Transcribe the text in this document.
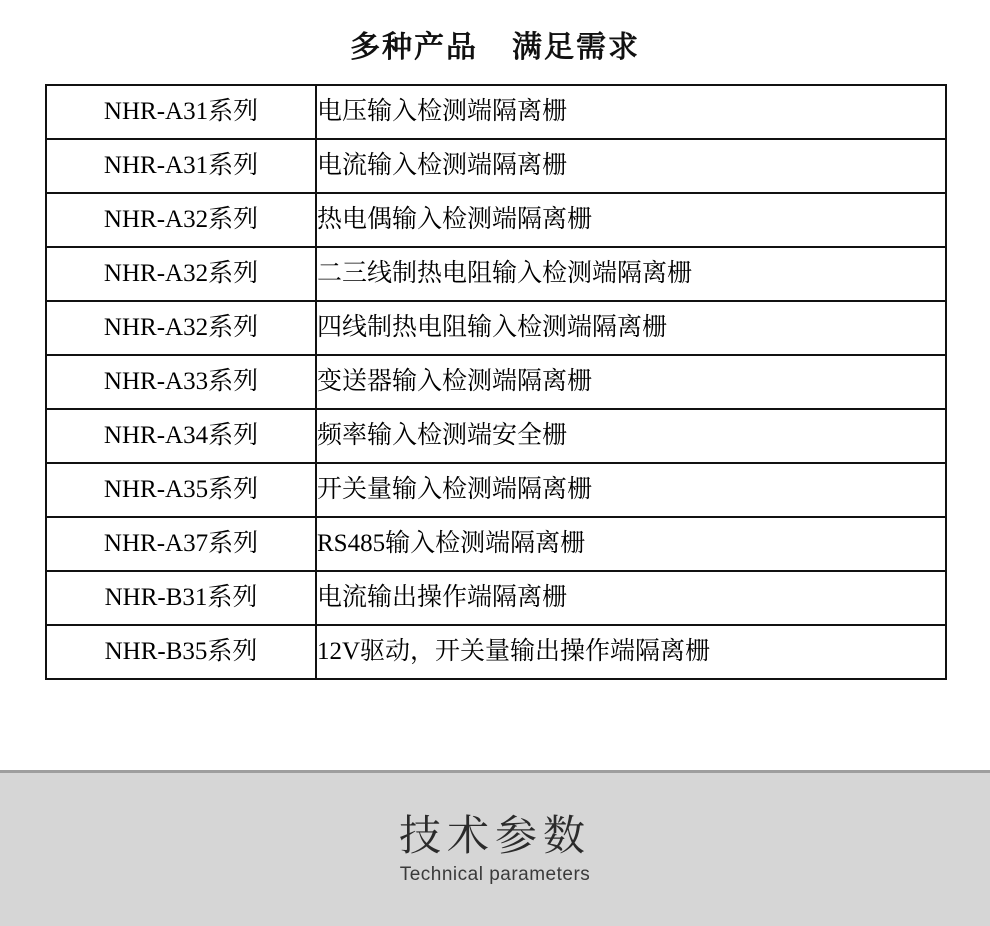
多种产品 满足需求
NHR-A31系列	电压输入检测端隔离栅
NHR-A31系列	电流输入检测端隔离栅
NHR-A32系列	热电偶输入检测端隔离栅
NHR-A32系列	二三线制热电阻输入检测端隔离栅
NHR-A32系列	四线制热电阻输入检测端隔离栅
NHR-A33系列	变送器输入检测端隔离栅
NHR-A34系列	频率输入检测端安全栅
NHR-A35系列	开关量输入检测端隔离栅
NHR-A37系列	RS485输入检测端隔离栅
NHR-B31系列	电流输出操作端隔离栅
NHR-B35系列	12V驱动，开关量输出操作端隔离栅
技术参数
Technical parameters
